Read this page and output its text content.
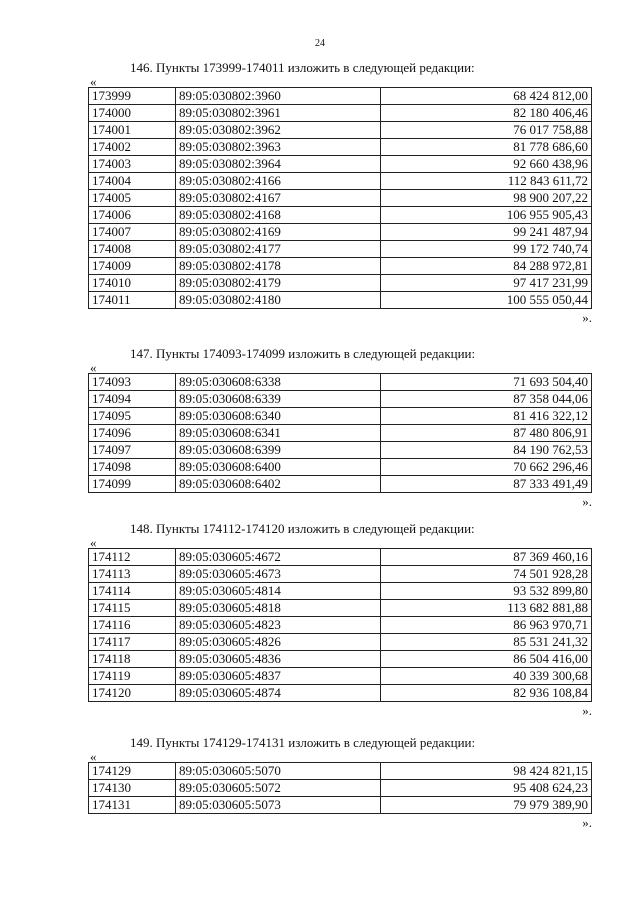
24
146. Пункты 173999-174011 изложить в следующей редакции:
«
173999	89:05:030802:3960	68 424 812,00
174000	89:05:030802:3961	82 180 406,46
174001	89:05:030802:3962	76 017 758,88
174002	89:05:030802:3963	81 778 686,60
174003	89:05:030802:3964	92 660 438,96
174004	89:05:030802:4166	112 843 611,72
174005	89:05:030802:4167	98 900 207,22
174006	89:05:030802:4168	106 955 905,43
174007	89:05:030802:4169	99 241 487,94
174008	89:05:030802:4177	99 172 740,74
174009	89:05:030802:4178	84 288 972,81
174010	89:05:030802:4179	97 417 231,99
174011	89:05:030802:4180	100 555 050,44
».
147. Пункты 174093-174099 изложить в следующей редакции:
«
174093	89:05:030608:6338	71 693 504,40
174094	89:05:030608:6339	87 358 044,06
174095	89:05:030608:6340	81 416 322,12
174096	89:05:030608:6341	87 480 806,91
174097	89:05:030608:6399	84 190 762,53
174098	89:05:030608:6400	70 662 296,46
174099	89:05:030608:6402	87 333 491,49
».
148. Пункты 174112-174120 изложить в следующей редакции:
«
174112	89:05:030605:4672	87 369 460,16
174113	89:05:030605:4673	74 501 928,28
174114	89:05:030605:4814	93 532 899,80
174115	89:05:030605:4818	113 682 881,88
174116	89:05:030605:4823	86 963 970,71
174117	89:05:030605:4826	85 531 241,32
174118	89:05:030605:4836	86 504 416,00
174119	89:05:030605:4837	40 339 300,68
174120	89:05:030605:4874	82 936 108,84
».
149. Пункты 174129-174131 изложить в следующей редакции:
«
174129	89:05:030605:5070	98 424 821,15
174130	89:05:030605:5072	95 408 624,23
174131	89:05:030605:5073	79 979 389,90
».
